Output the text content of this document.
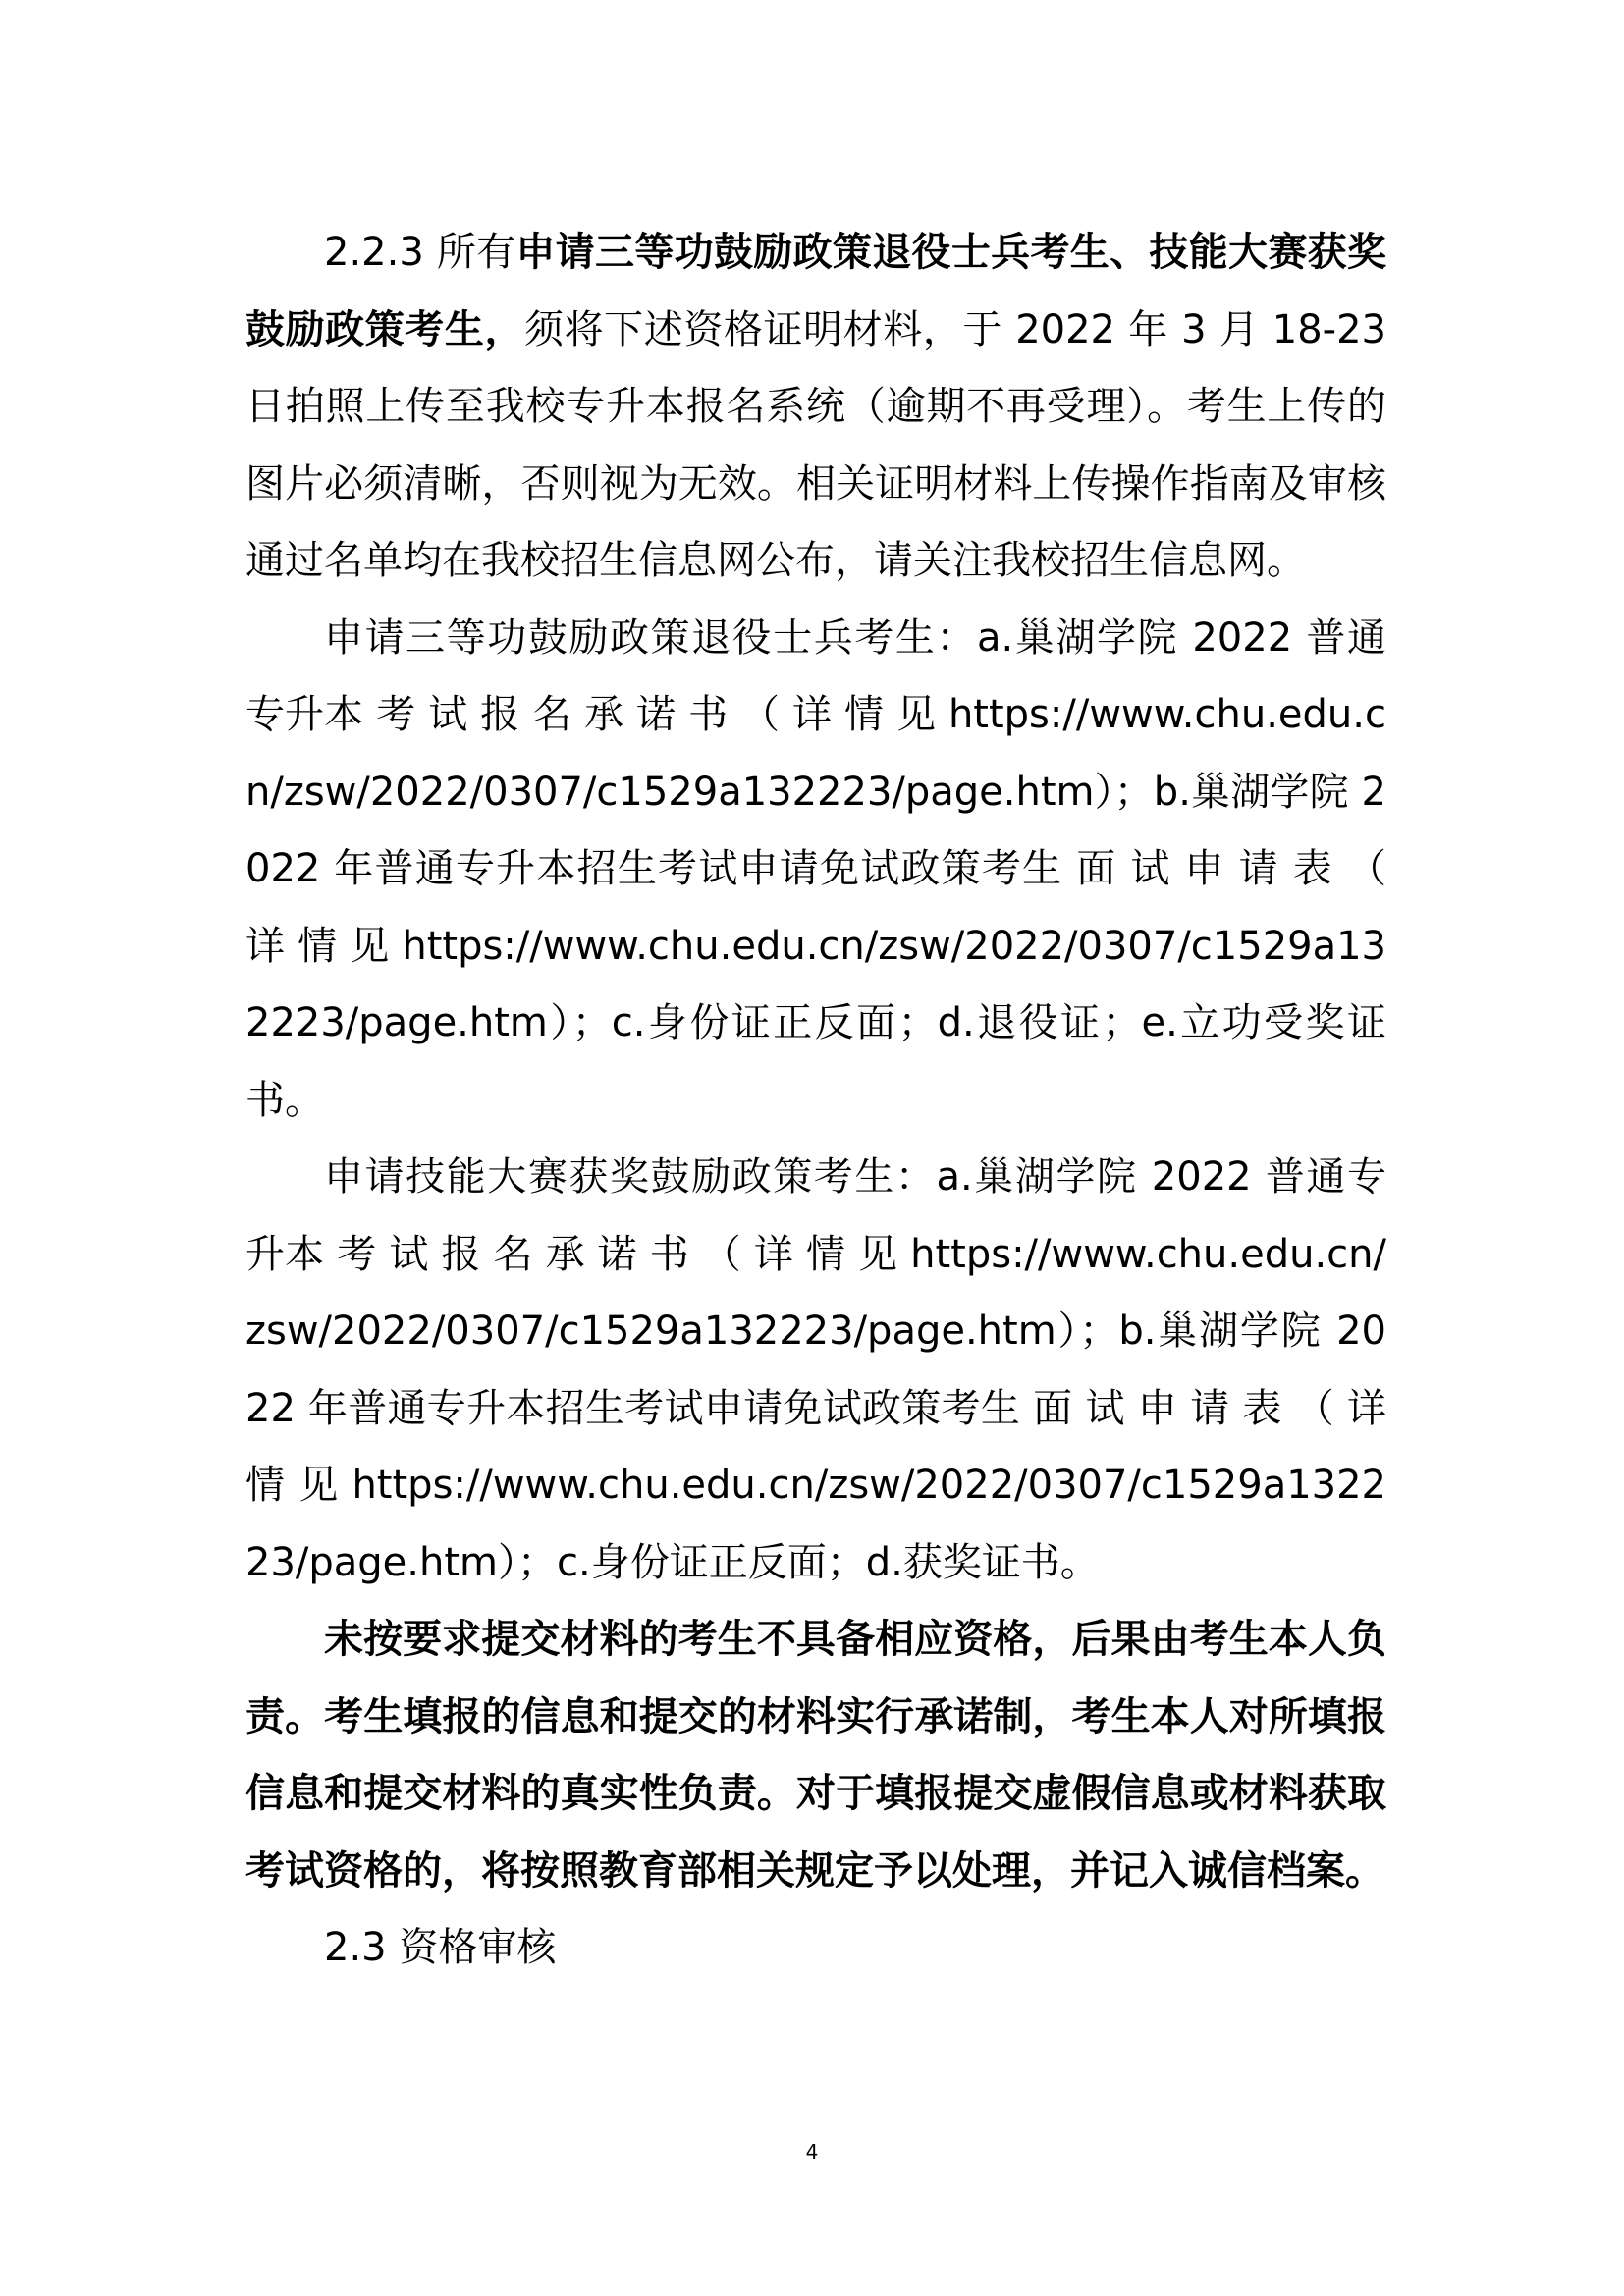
2.2.3 所有申请三等功鼓励政策退役士兵考生、技能大赛获奖鼓励政策考生，须将下述资格证明材料，于 2022 年 3 月 18-23 日拍照上传至我校专升本报名系统（逾期不再受理）。考生上传的图片必须清晰，否则视为无效。相关证明材料上传操作指南及审核通过名单均在我校招生信息网公布，请关注我校招生信息网。

申请三等功鼓励政策退役士兵考生：a.巢湖学院 2022 普通专升本 考 试 报 名 承 诺 书 （ 详 情 见 https://www.chu.edu.cn/zsw/2022/0307/c1529a132223/page.htm）；b.巢湖学院 2022 年普通专升本招生考试申请免试政策考生 面 试 申 请 表 （ 详 情 见 https://www.chu.edu.cn/zsw/2022/0307/c1529a132223/page.htm）；c.身份证正反面；d.退役证；e.立功受奖证书。

申请技能大赛获奖鼓励政策考生：a.巢湖学院 2022 普通专升本 考 试 报 名 承 诺 书 （ 详 情 见 https://www.chu.edu.cn/zsw/2022/0307/c1529a132223/page.htm）；b.巢湖学院 2022 年普通专升本招生考试申请免试政策考生 面 试 申 请 表 （ 详 情 见 https://www.chu.edu.cn/zsw/2022/0307/c1529a132223/page.htm）；c.身份证正反面；d.获奖证书。

未按要求提交材料的考生不具备相应资格，后果由考生本人负责。考生填报的信息和提交的材料实行承诺制，考生本人对所填报信息和提交材料的真实性负责。对于填报提交虚假信息或材料获取考试资格的，将按照教育部相关规定予以处理，并记入诚信档案。

2.3 资格审核

4
